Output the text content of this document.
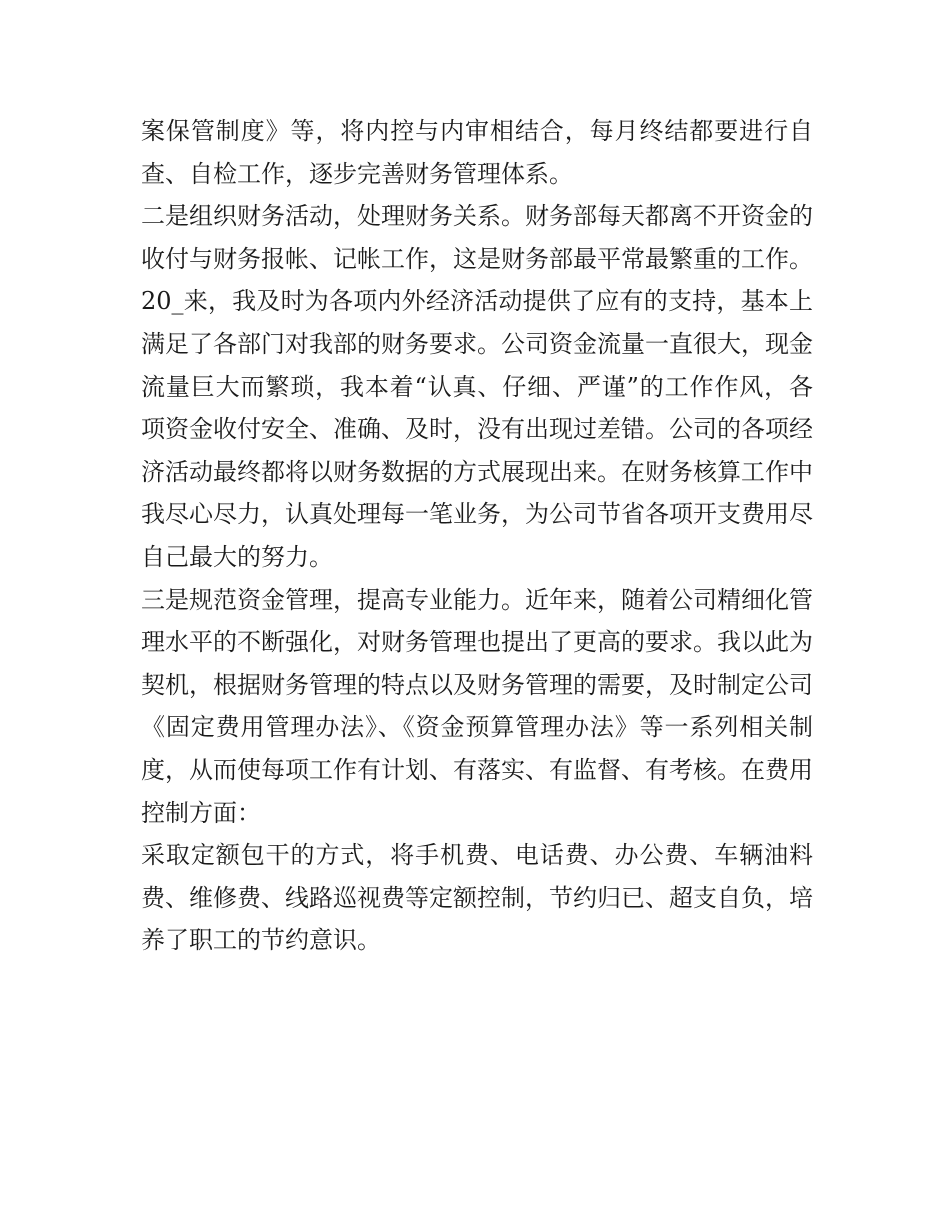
案保管制度》等，将内控与内审相结合，每月终结都要进行自查、自检工作，逐步完善财务管理体系。

二是组织财务活动，处理财务关系。财务部每天都离不开资金的收付与财务报帐、记帐工作，这是财务部最平常最繁重的工作。20_来，我及时为各项内外经济活动提供了应有的支持，基本上满足了各部门对我部的财务要求。公司资金流量一直很大，现金流量巨大而繁琐，我本着“认真、仔细、严谨”的工作作风，各项资金收付安全、准确、及时，没有出现过差错。公司的各项经济活动最终都将以财务数据的方式展现出来。在财务核算工作中我尽心尽力，认真处理每一笔业务，为公司节省各项开支费用尽自己最大的努力。

三是规范资金管理，提高专业能力。近年来，随着公司精细化管理水平的不断强化，对财务管理也提出了更高的要求。我以此为契机，根据财务管理的特点以及财务管理的需要，及时制定公司《固定费用管理办法》、《资金预算管理办法》等一系列相关制度，从而使每项工作有计划、有落实、有监督、有考核。在费用控制方面：

采取定额包干的方式，将手机费、电话费、办公费、车辆油料费、维修费、线路巡视费等定额控制，节约归已、超支自负，培养了职工的节约意识。
